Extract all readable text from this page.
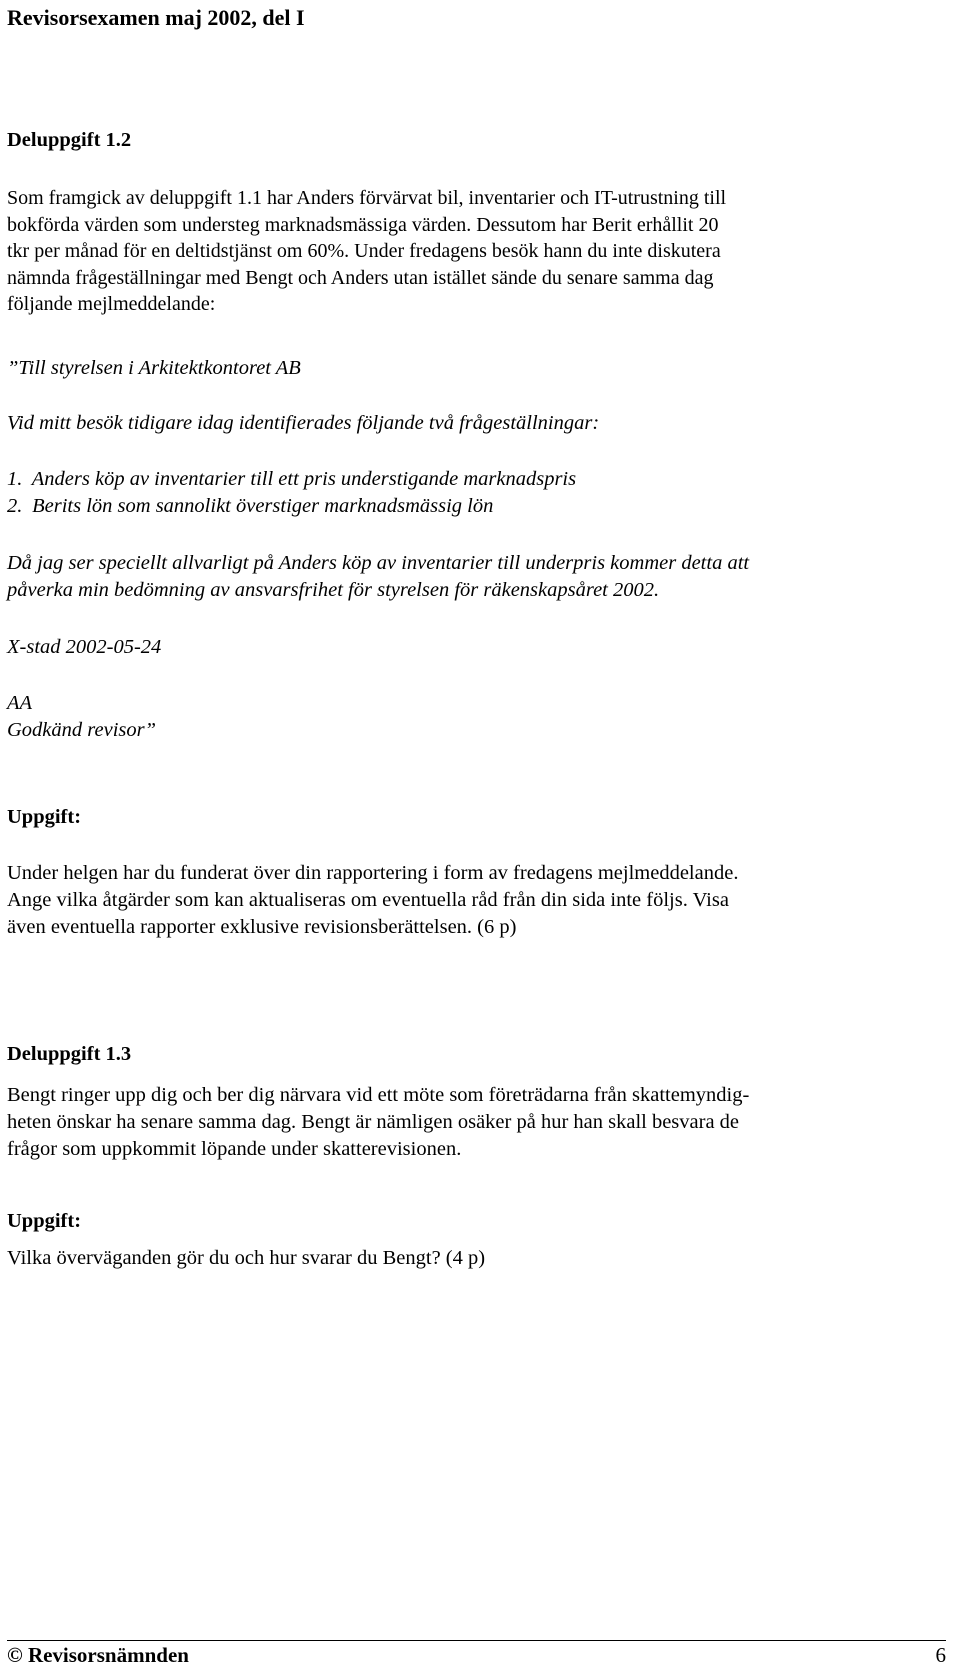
Revisorsexamen maj 2002, del I
Deluppgift 1.2
Som framgick av deluppgift 1.1 har Anders förvärvat bil, inventarier och IT-utrustning till
bokförda värden som understeg marknadsmässiga värden. Dessutom har Berit erhållit 20
tkr per månad för en deltidstjänst om 60%. Under fredagens besök hann du inte diskutera
nämnda frågeställningar med Bengt och Anders utan istället sände du senare samma dag
följande mejlmeddelande:
”Till styrelsen i Arkitektkontoret AB
Vid mitt besök tidigare idag identifierades följande två frågeställningar:
1. Anders köp av inventarier till ett pris understigande marknadspris
2. Berits lön som sannolikt överstiger marknadsmässig lön
Då jag ser speciellt allvarligt på Anders köp av inventarier till underpris kommer detta att
påverka min bedömning av ansvarsfrihet för styrelsen för räkenskapsåret 2002.
X-stad 2002-05-24
AA
Godkänd revisor”
Uppgift:
Under helgen har du funderat över din rapportering i form av fredagens mejlmeddelande.
Ange vilka åtgärder som kan aktualiseras om eventuella råd från din sida inte följs. Visa
även eventuella rapporter exklusive revisionsberättelsen. (6 p)
Deluppgift 1.3
Bengt ringer upp dig och ber dig närvara vid ett möte som företrädarna från skattemyndig-
heten önskar ha senare samma dag. Bengt är nämligen osäker på hur han skall besvara de
frågor som uppkommit löpande under skatterevisionen.
Uppgift:
Vilka överväganden gör du och hur svarar du Bengt? (4 p)
© Revisorsnämnden	6
